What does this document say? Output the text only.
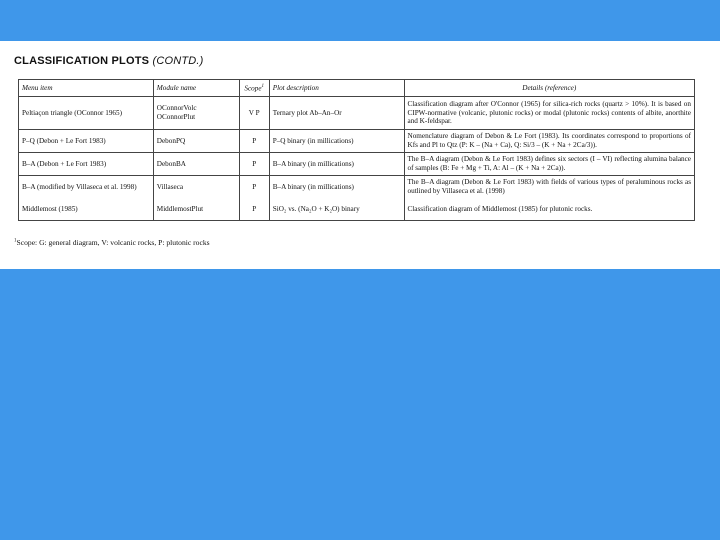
CLASSIFICATION PLOTS (CONTD.)
Menu item	Module name	Scope$^1$	Plot description	Details (reference)
Peltiaçon triangle (OConnor 1965)	OConnorVolc OConnorPlut	V P	Ternary plot Ab–An–Or	Classification diagram after O'Connor (1965) for silica-rich rocks (quartz > 10%). It is based on CIPW-normative (volcanic, plutonic rocks) or modal (plutonic rocks) contents of albite, anorthite and K-feldspar.
P–Q (Debon + Le Fort 1983)	DebonPQ	P	P–Q binary (in millications)	Nomenclature diagram of Debon & Le Fort (1983). Its coordinates correspond to proportions of Kfs and Pl to Qtz (P: K – (Na + Ca), Q: Si/3 – (K + Na + 2Ca/3)).
B–A (Debon + Le Fort 1983)	DebonBA	P	B–A binary (in millications)	The B–A diagram (Debon & Le Fort 1983) defines six sectors (I – VI) reflecting alumina balance of samples (B: Fe + Mg + Ti, A: Al – (K + Na + 2Ca)).
B–A (modified by Villaseca et al. 1998)	Villaseca	P	B–A binary (in millications)	The B–A diagram (Debon & Le Fort 1983) with fields of various types of peraluminous rocks as outlined by Villaseca et al. (1998)
Middlemost (1985)	MiddlemostPlut	P	SiO₂ vs. (Na₂O + K₂O) binary	Classification diagram of Middlemost (1985) for plutonic rocks.
$^1$Scope: G: general diagram, V: volcanic rocks, P: plutonic rocks
